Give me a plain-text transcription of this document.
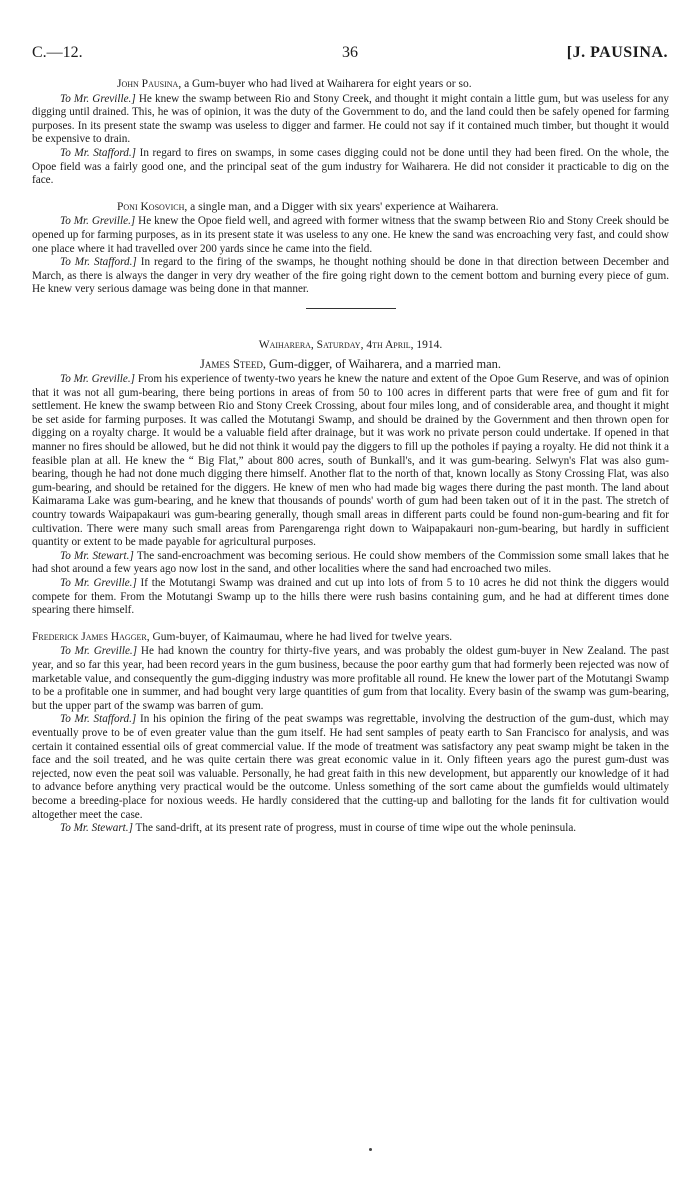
C.—12.	36	[J. PAUSINA.

John Pausina, a Gum-buyer who had lived at Waiharera for eight years or so.

To Mr. Greville.] He knew the swamp between Rio and Stony Creek, and thought it might contain a little gum, but was useless for any digging until drained. This, he was of opinion, it was the duty of the Government to do, and the land could then be safely opened for farming purposes. In its present state the swamp was useless to digger and farmer. He could not say if it contained much timber, but thought it would be expensive to drain.

To Mr. Stafford.] In regard to fires on swamps, in some cases digging could not be done until they had been fired. On the whole, the Opoe field was a fairly good one, and the principal seat of the gum industry for Waiharera. He did not consider it practicable to dig on the face.

Poni Kosovich, a single man, and a Digger with six years' experience at Waiharera.

To Mr. Greville.] He knew the Opoe field well, and agreed with former witness that the swamp between Rio and Stony Creek should be opened up for farming purposes, as in its present state it was useless to any one. He knew the sand was encroaching very fast, and could show one place where it had travelled over 200 yards since he came into the field.

To Mr. Stafford.] In regard to the firing of the swamps, he thought nothing should be done in that direction between December and March, as there is always the danger in very dry weather of the fire going right down to the cement bottom and burning every piece of gum. He knew very serious damage was being done in that manner.

Waiharera, Saturday, 4th April, 1914.

James Steed, Gum-digger, of Waiharera, and a married man.

To Mr. Greville.] From his experience of twenty-two years he knew the nature and extent of the Opoe Gum Reserve, and was of opinion that it was not all gum-bearing, there being portions in areas of from 50 to 100 acres in different parts that were free of gum and fit for settlement. He knew the swamp between Rio and Stony Creek Crossing, about four miles long, and of considerable area, and thought it might be set aside for farming purposes. It was called the Motutangi Swamp, and should be drained by the Government and then thrown open for digging on a royalty charge. It would be a valuable field after drainage, but it was work no private person could undertake. If opened in that manner no fires should be allowed, but he did not think it would pay the diggers to fill up the potholes if paying a royalty. He did not think it a feasible plan at all. He knew the “ Big Flat,” about 800 acres, south of Bunkall's, and it was gum-bearing. Selwyn's Flat was also gum-bearing, though he had not done much digging there himself. Another flat to the north of that, known locally as Stony Crossing Flat, was also gum-bearing, and should be retained for the diggers. He knew of men who had made big wages there during the past month. The land about Kaimaramа Lake was gum-bearing, and he knew that thousands of pounds' worth of gum had been taken out of it in the past. The stretch of country towards Waipapakauri was gum-bearing generally, though small areas in different parts could be found non-gum-bearing and fit for cultivation. There were many such small areas from Parengarenga right down to Waipapakauri non-gum-bearing, but hardly in sufficient quantity or extent to be made payable for agricultural purposes.

To Mr. Stewart.] The sand-encroachment was becoming serious. He could show members of the Commission some small lakes that he had shot around a few years ago now lost in the sand, and other localities where the sand had encroached two miles.

To Mr. Greville.] If the Motutangi Swamp was drained and cut up into lots of from 5 to 10 acres he did not think the diggers would compete for them. From the Motutangi Swamp up to the hills there were rush basins containing gum, and he had at different times done spearing there himself.

Frederick James Hagger, Gum-buyer, of Kaimaumau, where he had lived for twelve years.

To Mr. Greville.] He had known the country for thirty-five years, and was probably the oldest gum-buyer in New Zealand. The past year, and so far this year, had been record years in the gum business, because the poor earthy gum that had formerly been rejected was now of marketable value, and consequently the gum-digging industry was more profitable all round. He knew the lower part of the Motutangi Swamp to be a profitable one in summer, and had bought very large quantities of gum from that locality. Every basin of the swamp was gum-bearing, but the upper part of the swamp was barren of gum.

To Mr. Stafford.] In his opinion the firing of the peat swamps was regrettable, involving the destruction of the gum-dust, which may eventually prove to be of even greater value than the gum itself. He had sent samples of peaty earth to San Francisco for analysis, and was certain it contained essential oils of great commercial value. If the mode of treatment was satisfactory any peat swamp might be taken in the face and the soil treated, and he was quite certain there was great economic value in it. Only fifteen years ago the purest gum-dust was rejected, now even the peat soil was valuable. Personally, he had great faith in this new development, but apparently our knowledge of it had to advance before anything very practical would be the outcome. Unless something of the sort came about the gumfields would ultimately become a breeding-place for noxious weeds. He hardly considered that the cutting-up and balloting for the lands fit for cultivation would altogether meet the case.

To Mr. Stewart.] The sand-drift, at its present rate of progress, must in course of time wipe out the whole peninsula.
